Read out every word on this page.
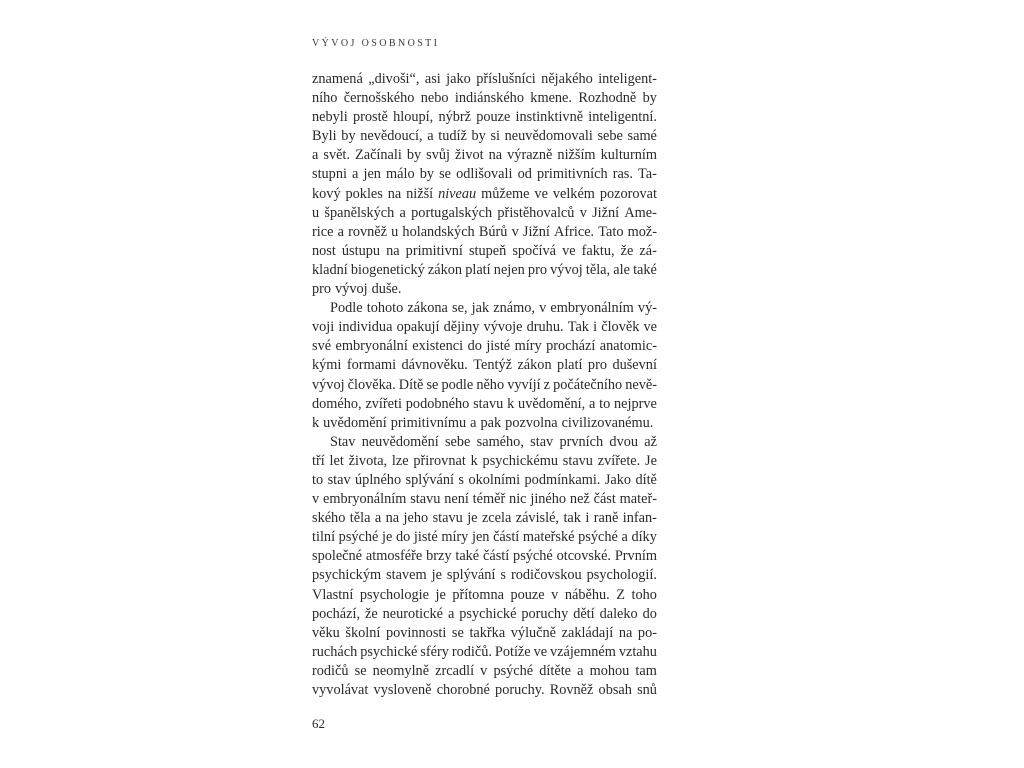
VÝVOJ OSOBNOSTI
znamená „divoši“, asi jako příslušníci nějakého inteligent-
ního černošského nebo indiánského kmene. Rozhodně by
nebyli prostě hloupí, nýbrž pouze instinktivně inteligentní.
Byli by nevědoucí, a tudíž by si neuvědomovali sebe samé
a svět. Začínali by svůj život na výrazně nižším kulturním
stupni a jen málo by se odlišovali od primitivních ras. Ta-
kový pokles na nižší niveau můžeme ve velkém pozorovat
u španělských a portugalských přistěhovalců v Jižní Ame-
rice a rovněž u holandských Búrů v Jižní Africe. Tato mož-
nost ústupu na primitivní stupeň spočívá ve faktu, že zá-
kladní biogenetický zákon platí nejen pro vývoj těla, ale také
pro vývoj duše.
Podle tohoto zákona se, jak známo, v embryonálním vý-
voji individua opakují dějiny vývoje druhu. Tak i člověk ve
své embryonální existenci do jisté míry prochází anatomic-
kými formami dávnověku. Tentýž zákon platí pro duševní
vývoj člověka. Dítě se podle něho vyvíjí z počátečního nevě-
domého, zvířeti podobného stavu k uvědomění, a to nejprve
k uvědomění primitivnímu a pak pozvolna civilizovanému.
Stav neuvědomění sebe samého, stav prvních dvou až
tří let života, lze přirovnat k psychickému stavu zvířete. Je
to stav úplného splývání s okolními podmínkami. Jako dítě
v embryonálním stavu není téměř nic jiného než část mateř-
ského těla a na jeho stavu je zcela závislé, tak i raně infan-
tilní psýché je do jisté míry jen částí mateřské psýché a díky
společné atmosféře brzy také částí psýché otcovské. Prvním
psychickým stavem je splývání s rodičovskou psychologií.
Vlastní psychologie je přítomna pouze v náběhu. Z toho
pochází, že neurotické a psychické poruchy dětí daleko do
věku školní povinnosti se takřka výlučně zakládají na po-
ruchách psychické sféry rodičů. Potíže ve vzájemném vztahu
rodičů se neomylně zrcadlí v psýché dítěte a mohou tam
vyvolávat vysloveně chorobné poruchy. Rovněž obsah snů
62
